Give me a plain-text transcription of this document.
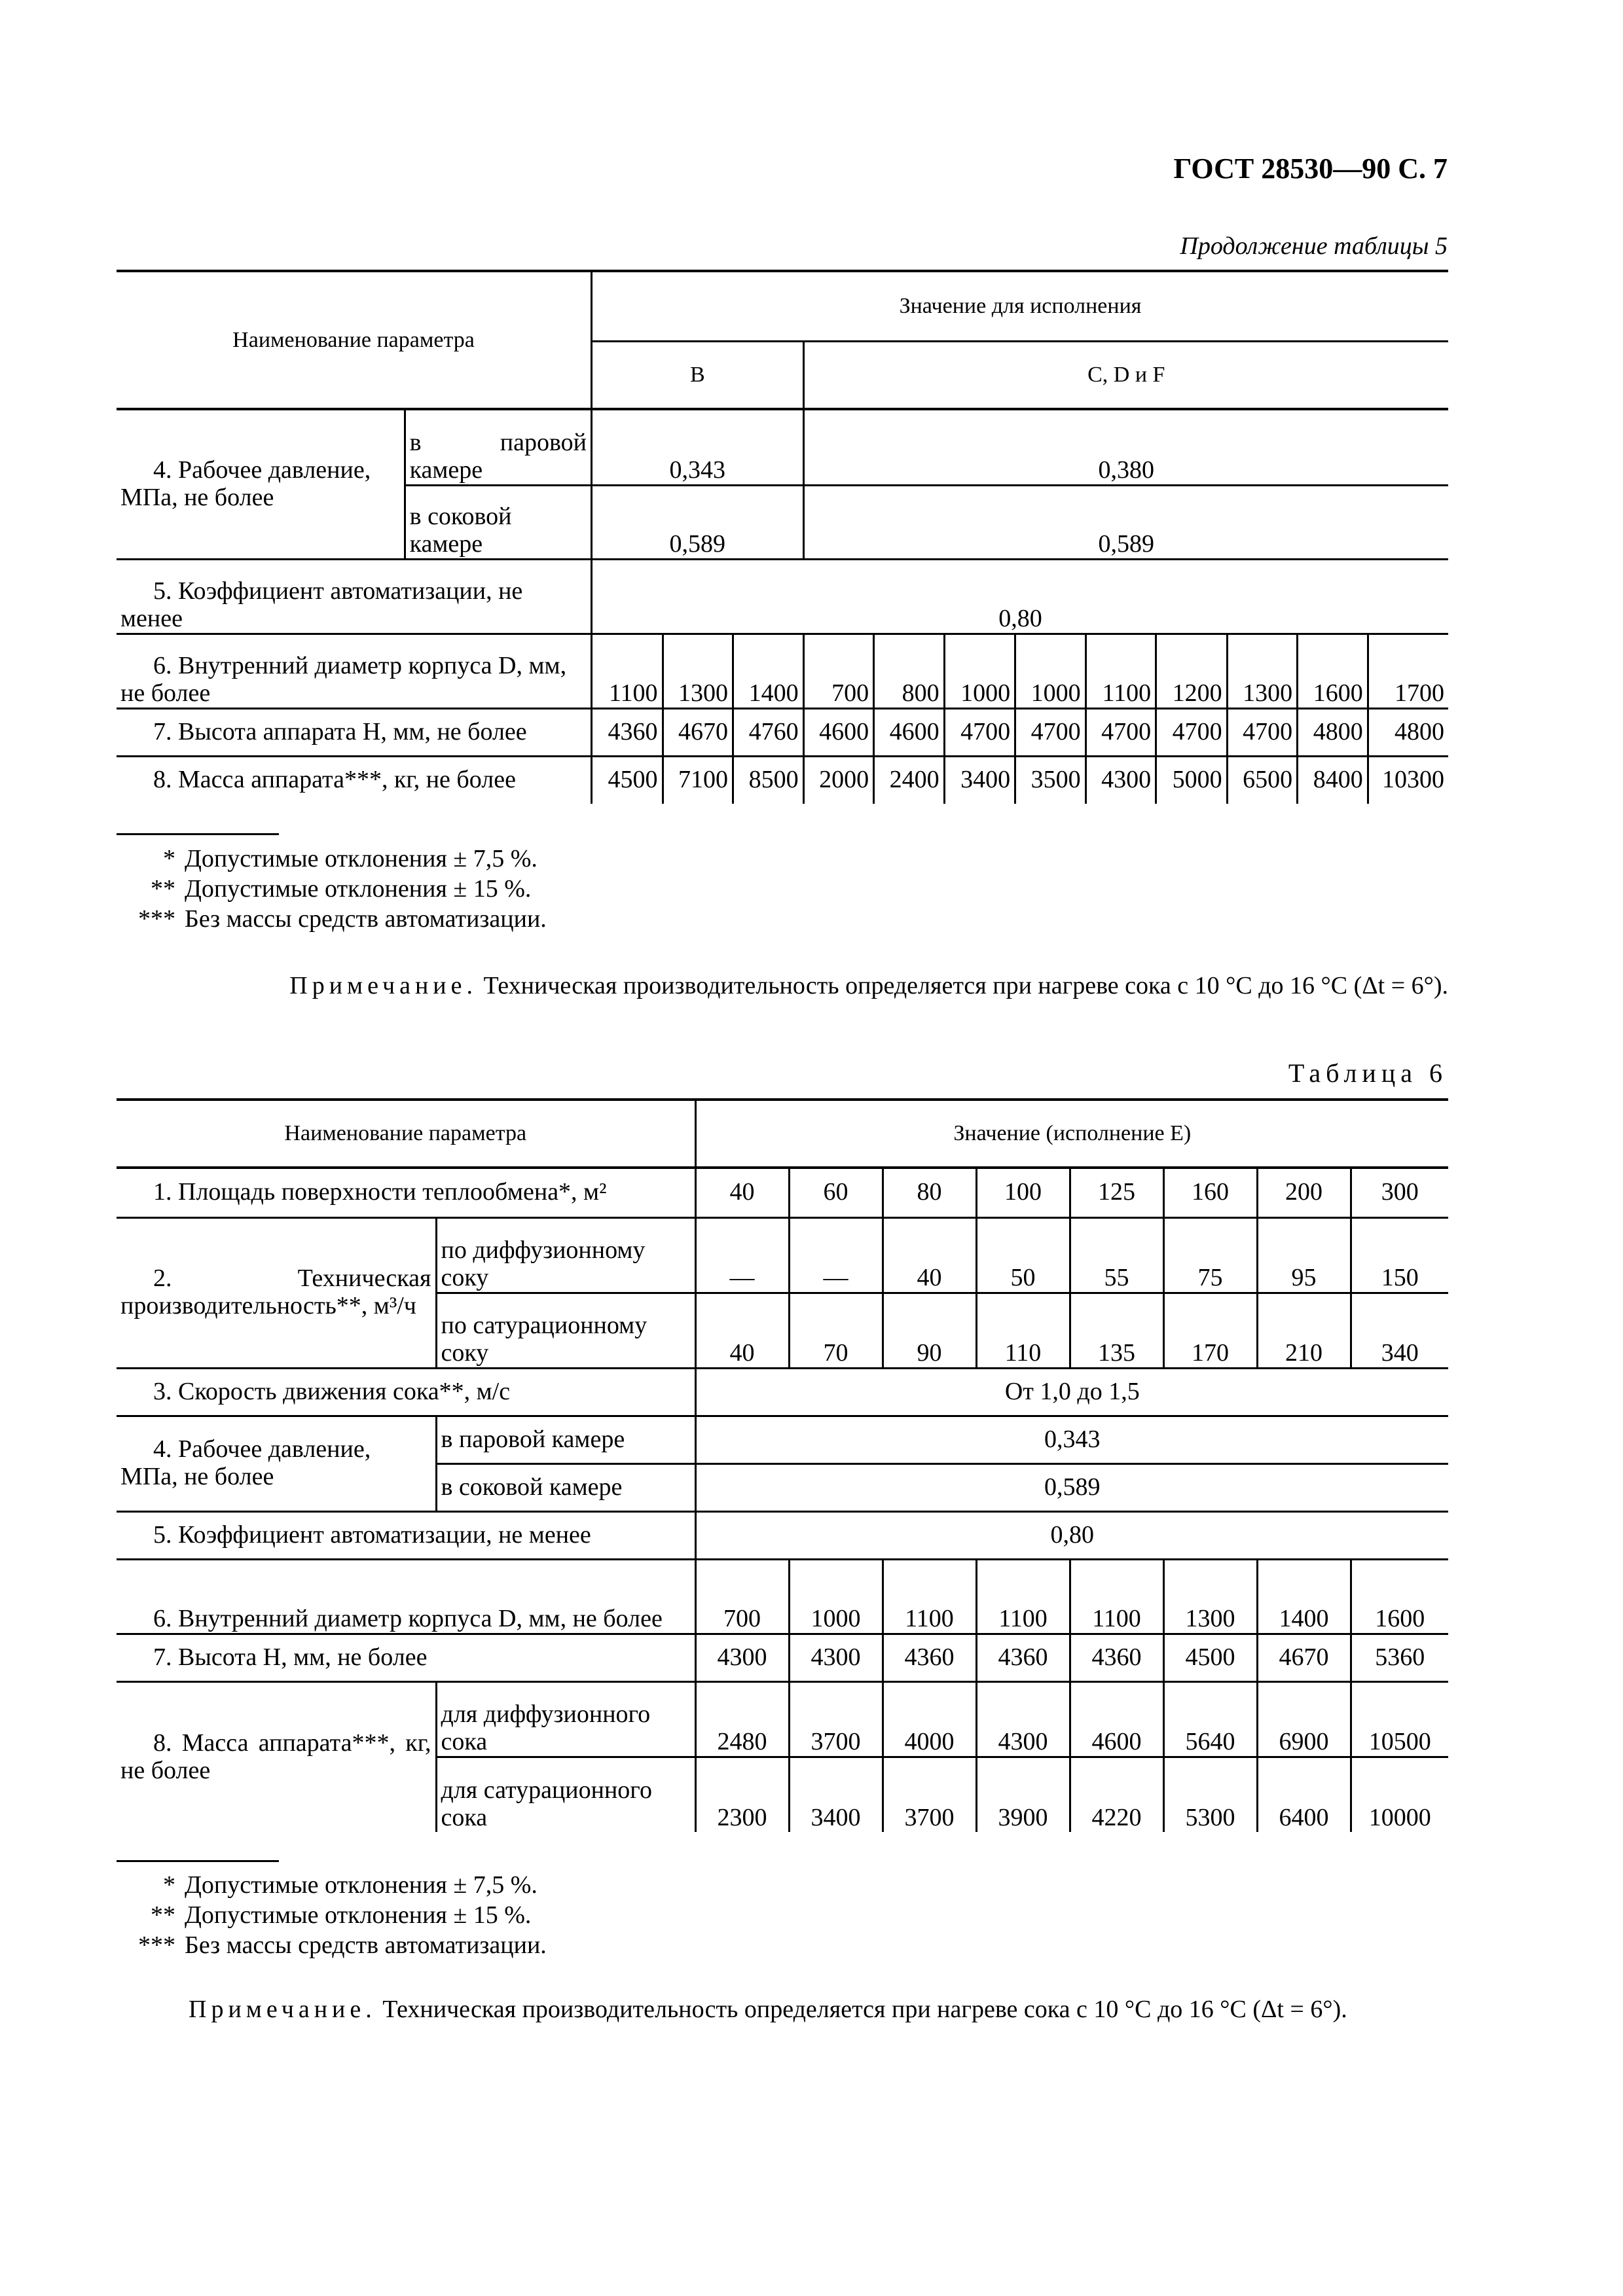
ГОСТ 28530—90 С. 7
Продолжение таблицы 5
Наименование параметра		Значение для исполнения											
		В			С, D и F								
4. Рабочее давление, МПа, не более	в паровой камере	0,343			0,380								
	в соковой камере	0,589			0,589								
5. Коэффициент автоматизации, не менее		0,80											
6. Внутренний диаметр корпуса D, мм, не более		1100	1300	1400	700	800	1000	1000	1100	1200	1300	1600	1700
7. Высота аппарата H, мм, не более		4360	4670	4760	4600	4600	4700	4700	4700	4700	4700	4800	4800
8. Масса аппарата***, кг, не более		4500	7100	8500	2000	2400	3400	3500	4300	5000	6500	8400	10300
* Допустимые отклонения ± 7,5 %.
** Допустимые отклонения ± 15 %.
*** Без массы средств автоматизации.
Примечание. Техническая производительность определяется при нагреве сока с 10 °С до 16 °С (Δt = 6°).
Таблица 6
Наименование параметра		Значение (исполнение Е)							
1. Площадь поверхности теплообмена*, м²		40	60	80	100	125	160	200	300
2. Техническая производительность**, м³/ч	по диффузионному соку	—	—	40	50	55	75	95	150
	по сатурационному соку	40	70	90	110	135	170	210	340
3. Скорость движения сока**, м/с		От 1,0 до 1,5							
4. Рабочее давление, МПа, не более	в паровой камере	0,343							
	в соковой камере	0,589							
5. Коэффициент автоматизации, не менее		0,80							
6. Внутренний диаметр корпуса D, мм, не более		700	1000	1100	1100	1100	1300	1400	1600
7. Высота H, мм, не более		4300	4300	4360	4360	4360	4500	4670	5360
8. Масса аппарата***, кг, не более	для диффузионного сока	2480	3700	4000	4300	4600	5640	6900	10500
	для сатурационного сока	2300	3400	3700	3900	4220	5300	6400	10000
* Допустимые отклонения ± 7,5 %.
** Допустимые отклонения ± 15 %.
*** Без массы средств автоматизации.
Примечание. Техническая производительность определяется при нагреве сока с 10 °С до 16 °С (Δt = 6°).
